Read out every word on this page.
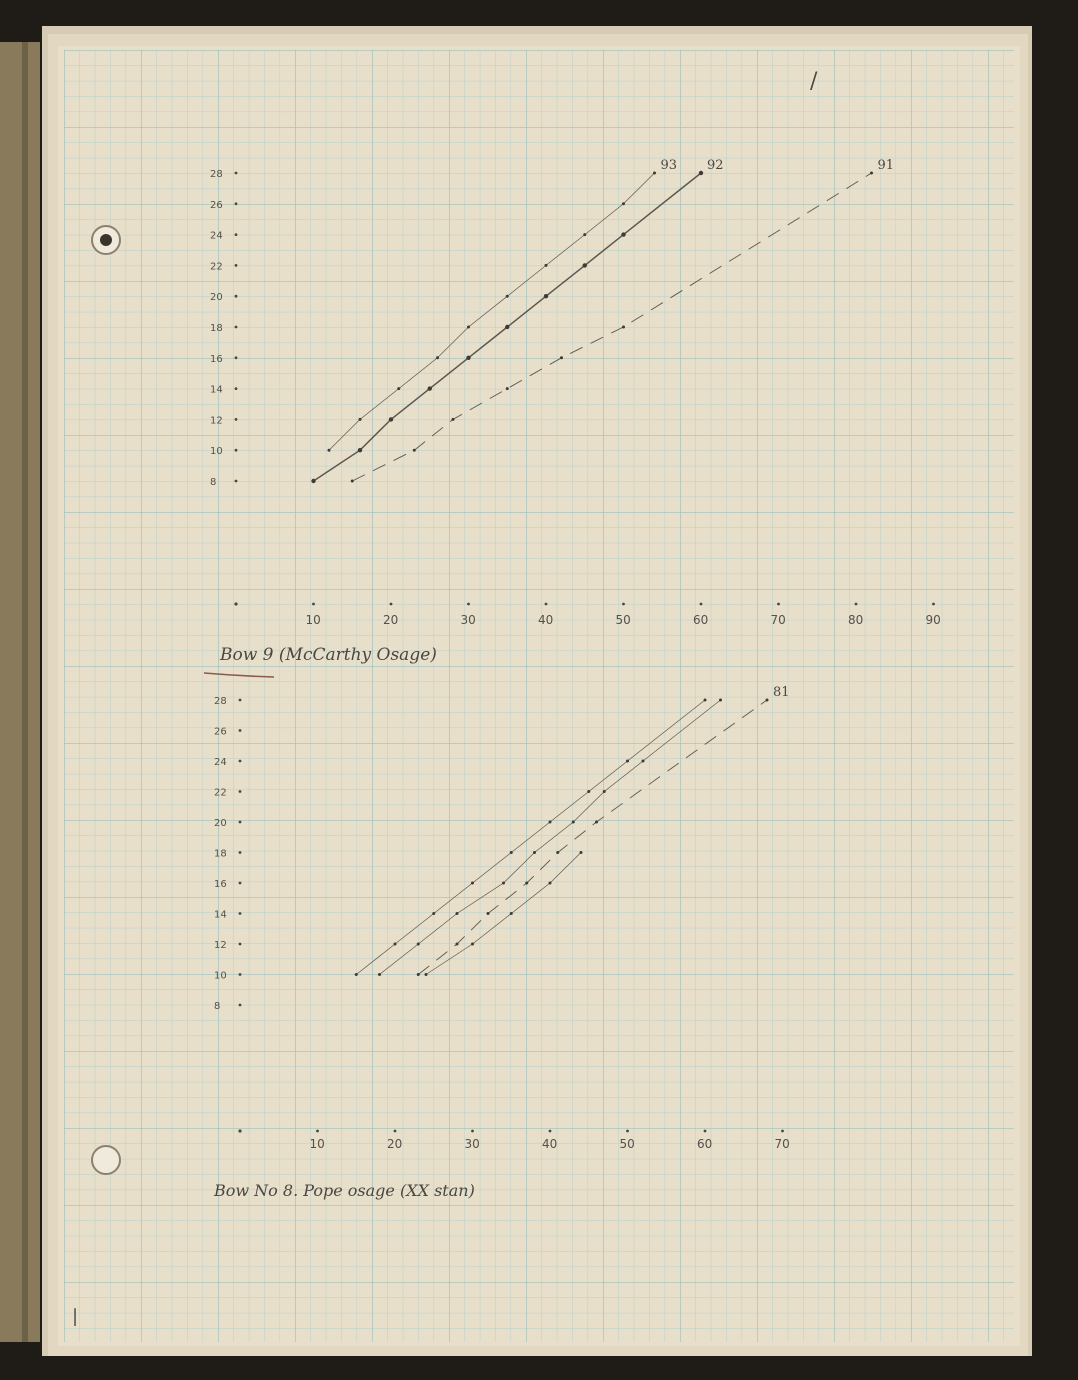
/
|
93 92	91
10	20	30	40	50	60	70	80	90
8
10
12
14
16
18
20
22
24
26
28
Bow 9 (McCarthy Osage)
81
10	20	30	40	50	60	70
8
10
12
14
16
18
20
22
24
26
28
Bow No 8. Pope osage (XX stan)
